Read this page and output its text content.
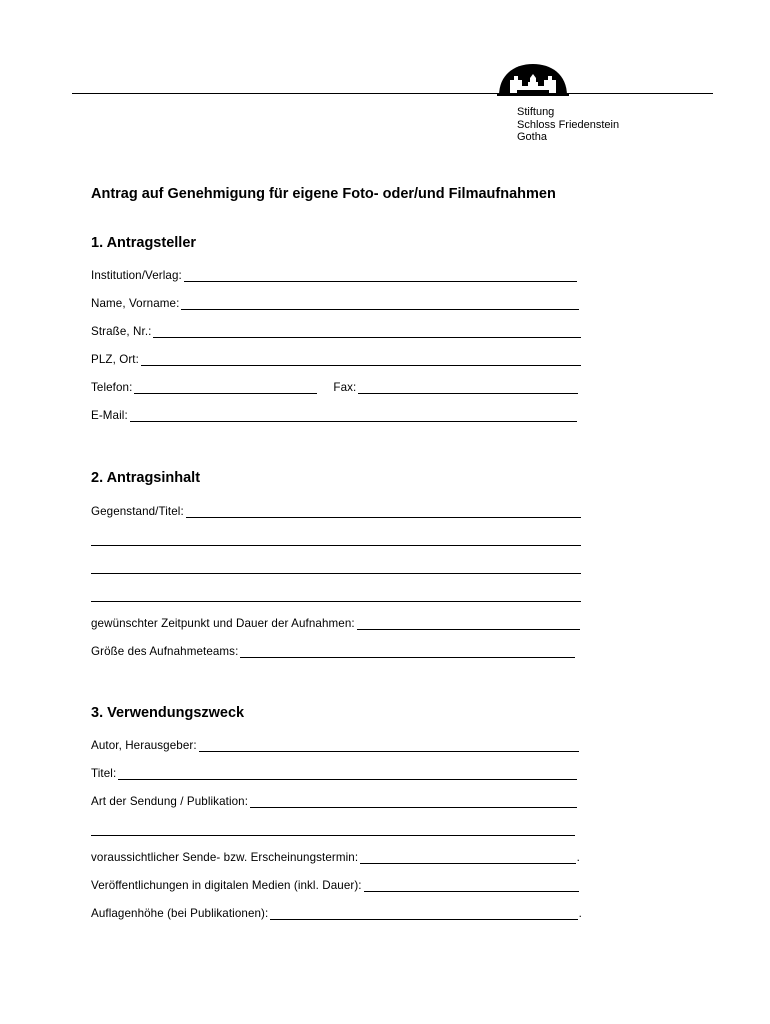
Stiftung
Schloss Friedenstein
Gotha
Antrag auf Genehmigung für eigene Foto- oder/und Filmaufnahmen
1. Antragsteller
Institution/Verlag:
Name, Vorname:
Straße, Nr.:
PLZ, Ort:
Telefon:	Fax:
E-Mail:
2. Antragsinhalt
Gegenstand/Titel:
gewünschter Zeitpunkt und Dauer der Aufnahmen:
Größe des Aufnahmeteams:
3. Verwendungszweck
Autor, Herausgeber:
Titel:
Art der Sendung / Publikation:
voraussichtlicher Sende- bzw. Erscheinungstermin:	.
Veröffentlichungen in digitalen Medien (inkl. Dauer):
Auflagenhöhe (bei Publikationen):	.
